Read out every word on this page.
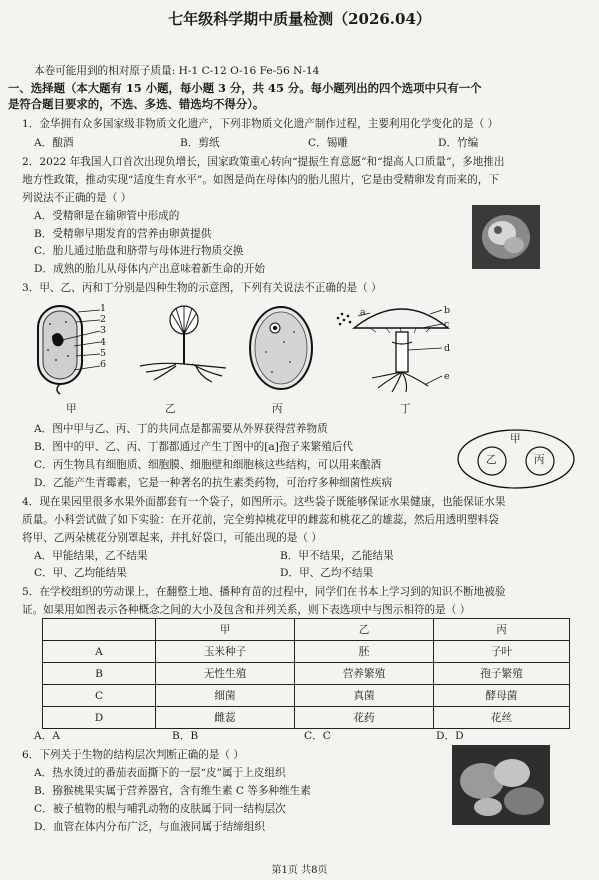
七年级科学期中质量检测（2026.04）
本卷可能用到的相对原子质量: H-1 C-12 O-16 Fe-56 N-14
一、选择题（本大题有 15 小题，每小题 3 分，共 45 分。每小题列出的四个选项中只有一个
是符合题目要求的，不选、多选、错选均不得分）。
1．金华拥有众多国家级非物质文化遗产，下列非物质文化遗产制作过程，主要利用化学变化的是（ ）
A．酿酒	B．剪纸	C．锡雕	D．竹编
2．2022 年我国人口首次出现负增长，国家政策重心转向“提振生育意愿”和“提高人口质量”，多地推出
地方性政策，推动实现“适度生育水平”。如图是尚在母体内的胎儿照片，它是由受精卵发育而来的，下
列说法不正确的是（ ）
A．受精卵是在输卵管中形成的
B．受精卵早期发育的营养由卵黄提供
C．胎儿通过胎盘和脐带与母体进行物质交换
D．成熟的胎儿从母体内产出意味着新生命的开始
3．甲、乙、丙和丁分别是四种生物的示意图，下列有关说法不正确的是（ ）
1
2
3
4
5
6
a	b
c
d
e
甲	乙	丙	丁
A．图中甲与乙、丙、丁的共同点是都需要从外界获得营养物质
B．图中的甲、乙、丙、丁都都通过产生丁图中的[a]孢子来繁殖后代
C．丙生物具有细胞质、细胞膜、细胞壁和细胞核这些结构，可以用来酿酒
D．乙能产生青霉素，它是一种著名的抗生素类药物，可治疗多种细菌性疾病
甲
乙	丙
4．现在果园里很多水果外面都套有一个袋子，如图所示。这些袋子既能够保证水果健康，也能保证水果
质量。小科尝试做了如下实验：在开花前，完全剪掉桃花甲的雌蕊和桃花乙的雄蕊，然后用透明塑料袋
将甲、乙两朵桃花分别罩起来，并扎好袋口，可能出现的是（ ）
A．甲能结果，乙不结果	B．甲不结果，乙能结果
C．甲、乙均能结果	D．甲、乙均不结果
5．在学校组织的劳动课上，在翻整土地、播种育苗的过程中，同学们在书本上学习到的知识不断地被验
证。如果用如图表示各种概念之间的大小及包含和并列关系，则下表选项中与图示相符的是（ ）
	甲	乙	丙
A	玉米种子	胚	子叶
B	无性生殖	营养繁殖	孢子繁殖
C	细菌	真菌	酵母菌
D	雌蕊	花药	花丝
A．A	B．B	C．C	D．D
6．下列关于生物的结构层次判断正确的是（ ）
A．热水烫过的番茄表面撕下的一层“皮”属于上皮组织
B．猕猴桃果实属于营养器官，含有维生素 C 等多种维生素
C．被子植物的根与哺乳动物的皮肤属于同一结构层次
D．血管在体内分布广泛，与血液同属于结缔组织
第1页 共8页
